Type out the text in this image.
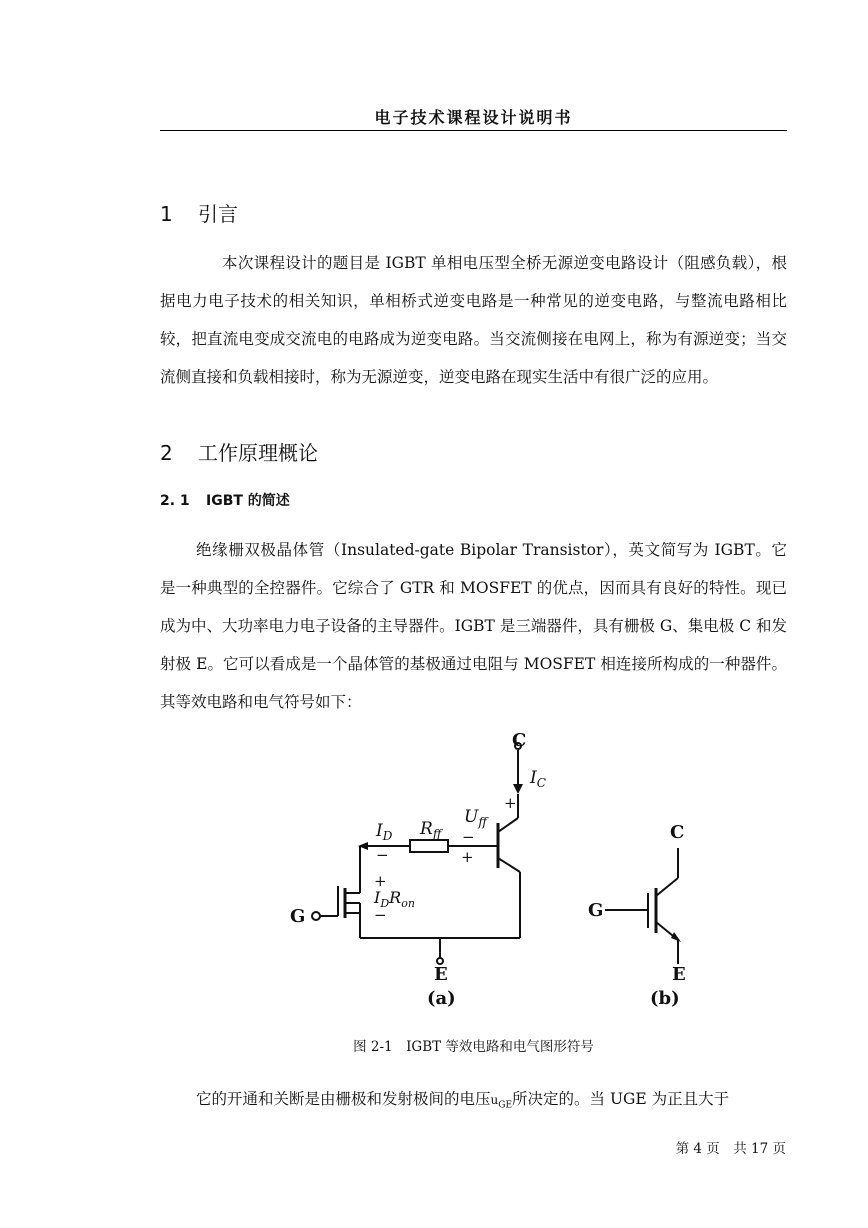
电子技术课程设计说明书
1 引言

本次课程设计的题目是 IGBT 单相电压型全桥无源逆变电路设计（阻感负载），根据电力电子技术的相关知识，单相桥式逆变电路是一种常见的逆变电路，与整流电路相比较，把直流电变成交流电的电路成为逆变电路。当交流侧接在电网上，称为有源逆变；当交流侧直接和负载相接时，称为无源逆变，逆变电路在现实生活中有很广泛的应用。

2 工作原理概论
2. 1 IGBT 的简述

绝缘栅双极晶体管（Insulated-gate Bipolar Transistor），英文简写为 IGBT。它是一种典型的全控器件。它综合了 GTR 和 MOSFET 的优点，因而具有良好的特性。现已成为中、大功率电力电子设备的主导器件。IGBT 是三端器件，具有栅极 G、集电极 C 和发射极 E。它可以看成是一个晶体管的基极通过电阻与 MOSFET 相连接所构成的一种器件。其等效电路和电气符号如下：

C
$I_C$
+
$U_{ff}$
$R_{ff}$
$I_D$
−
−
+
+
$I_DR_{on}$
−
G
E
(a)
C
G
E
(b)
图 2-1　IGBT 等效电路和电气图形符号

它的开通和关断是由栅极和发射极间的电压$u_{GE}$所决定的。当 UGE 为正且大于

第 4 页　共 17 页
